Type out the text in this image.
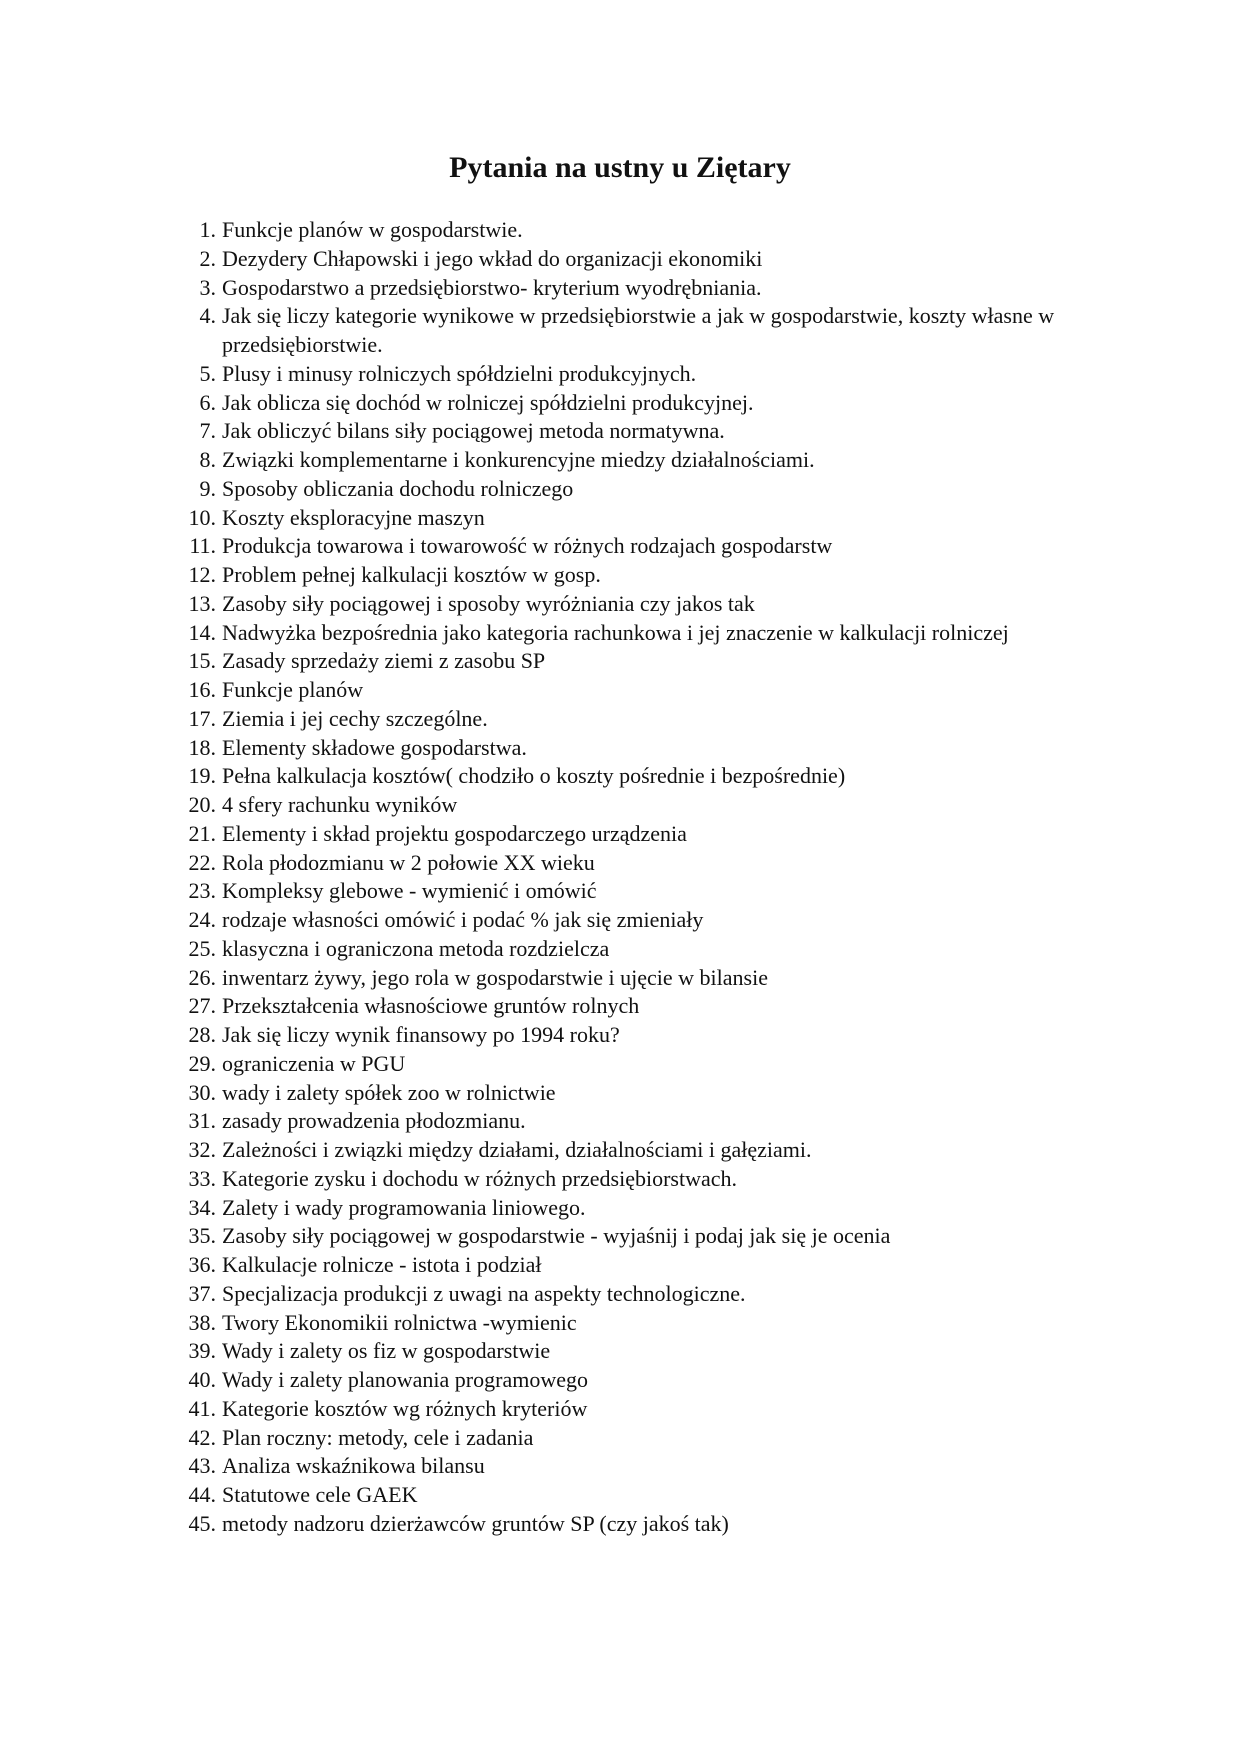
Pytania na ustny u Ziętary
1. Funkcje planów w gospodarstwie.
2. Dezydery Chłapowski i jego wkład do organizacji ekonomiki
3. Gospodarstwo a przedsiębiorstwo- kryterium wyodrębniania.
4. Jak się liczy kategorie wynikowe w przedsiębiorstwie a jak w gospodarstwie, koszty własne w przedsiębiorstwie.
5. Plusy i minusy rolniczych spółdzielni produkcyjnych.
6. Jak oblicza się dochód w rolniczej spółdzielni produkcyjnej.
7. Jak obliczyć bilans siły pociągowej metoda normatywna.
8. Związki komplementarne i konkurencyjne miedzy działalnościami.
9. Sposoby obliczania dochodu rolniczego
10. Koszty eksploracyjne maszyn
11. Produkcja towarowa i towarowość w różnych rodzajach gospodarstw
12. Problem pełnej kalkulacji kosztów w gosp.
13. Zasoby siły pociągowej i sposoby wyróżniania czy jakos tak
14. Nadwyżka bezpośrednia jako kategoria rachunkowa i jej znaczenie w kalkulacji rolniczej
15. Zasady sprzedaży ziemi z zasobu SP
16. Funkcje planów
17. Ziemia i jej cechy szczególne.
18. Elementy składowe gospodarstwa.
19. Pełna kalkulacja kosztów( chodziło o koszty pośrednie i bezpośrednie)
20. 4 sfery rachunku wyników
21. Elementy i skład projektu gospodarczego urządzenia
22. Rola płodozmianu w 2 połowie XX wieku
23. Kompleksy glebowe - wymienić i omówić
24. rodzaje własności omówić i podać % jak się zmieniały
25. klasyczna i ograniczona metoda rozdzielcza
26. inwentarz żywy, jego rola w gospodarstwie i ujęcie w bilansie
27. Przekształcenia własnościowe gruntów rolnych
28. Jak się liczy wynik finansowy po 1994 roku?
29. ograniczenia w PGU
30. wady i zalety spółek zoo w rolnictwie
31. zasady prowadzenia płodozmianu.
32. Zależności i związki między działami, działalnościami i gałęziami.
33. Kategorie zysku i dochodu w różnych przedsiębiorstwach.
34. Zalety i wady programowania liniowego.
35. Zasoby siły pociągowej w gospodarstwie - wyjaśnij i podaj jak się je ocenia
36. Kalkulacje rolnicze - istota i podział
37. Specjalizacja produkcji z uwagi na aspekty technologiczne.
38. Twory Ekonomikii rolnictwa -wymienic
39. Wady i zalety os fiz w gospodarstwie
40. Wady i zalety planowania programowego
41. Kategorie kosztów wg różnych kryteriów
42. Plan roczny: metody, cele i zadania
43. Analiza wskaźnikowa bilansu
44. Statutowe cele GAEK
45. metody nadzoru dzierżawców gruntów SP (czy jakoś tak)
